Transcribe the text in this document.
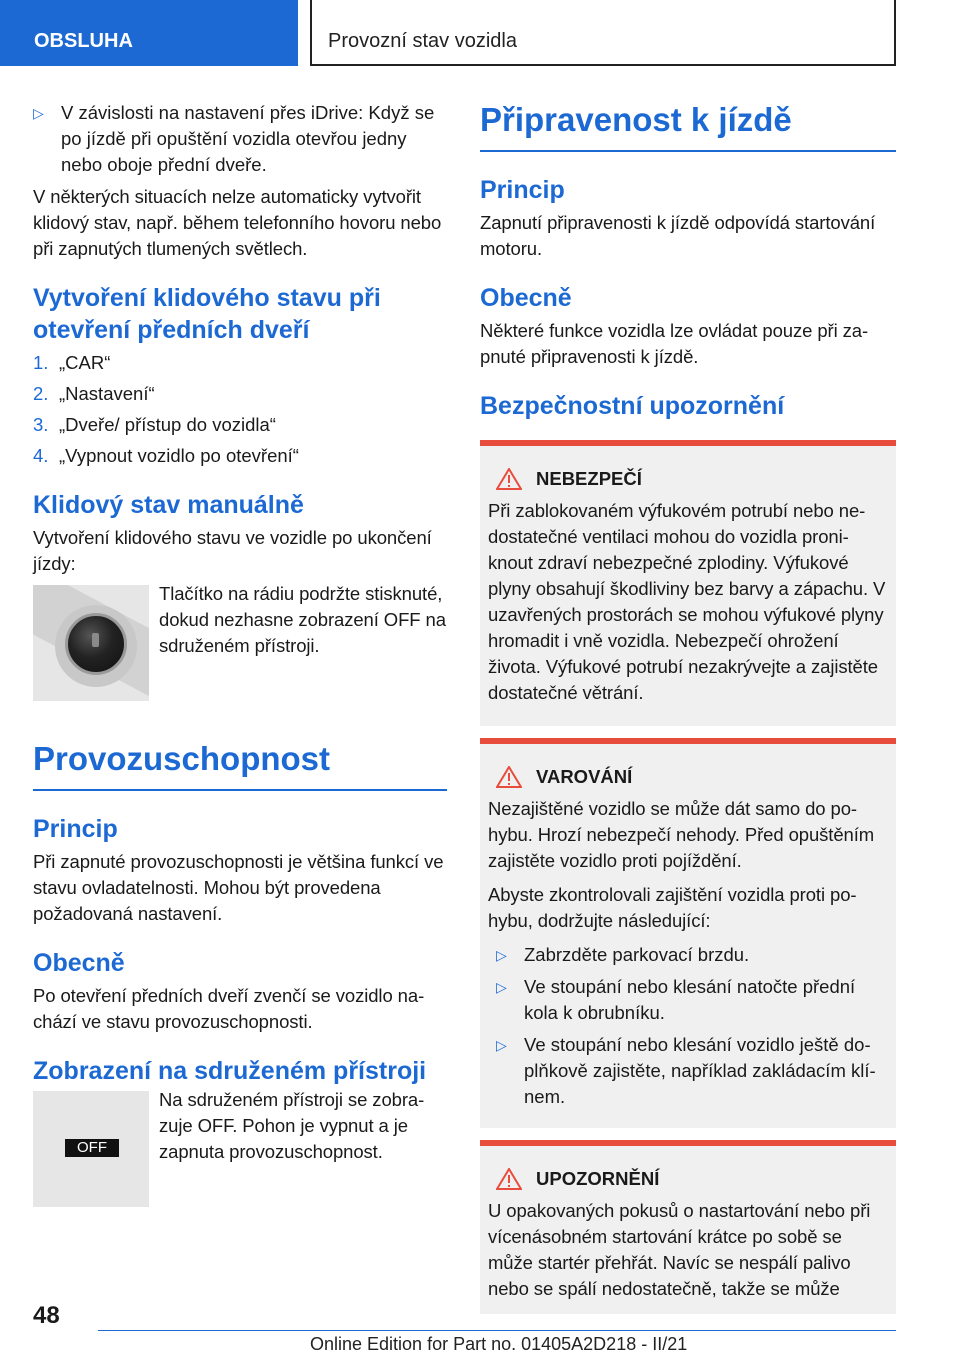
OBSLUHA	Provozní stav vozidla
▷ V závislosti na nastavení přes iDrive: Když se po jízdě při opuštění vozidla otevřou jedny nebo oboje přední dveře.

V některých situacích nelze automaticky vytvořit klidový stav, např. během telefonního hovoru nebo při zapnutých tlumených světlech.

Vytvoření klidového stavu při otevření předních dveří
1. „CAR“
2. „Nastavení“
3. „Dveře/ přístup do vozidla“
4. „Vypnout vozidlo po otevření“
Klidový stav manuálně

Vytvoření klidového stavu ve vozidle po ukončení jízdy:

Tlačítko na rádiu podržte stisknuté, dokud nezhasne zobrazení OFF na sdruženém přístroji.

Provozuschopnost
Princip

Při zapnuté provozuschopnosti je většina funkcí ve stavu ovladatelnosti. Mohou být provedena požadovaná nastavení.

Obecně

Po otevření předních dveří zvenčí se vozidlo nachází ve stavu provozuschopnosti.

Zobrazení na sdruženém přístroji
OFF

Na sdruženém přístroji se zobrazuje OFF. Pohon je vypnut a je zapnuta provozuschopnost.

Připravenost k jízdě
Princip

Zapnutí připravenosti k jízdě odpovídá startování motoru.

Obecně

Některé funkce vozidla lze ovládat pouze při zapnuté připravenosti k jízdě.

Bezpečnostní upozornění
NEBEZPEČÍ

Při zablokovaném výfukovém potrubí nebo nedostatečné ventilaci mohou do vozidla proniknout zdraví nebezpečné zplodiny. Výfukové plyny obsahují škodliviny bez barvy a zápachu. V uzavřených prostorách se mohou výfukové plyny hromadit i vně vozidla. Nebezpečí ohrožení života. Výfukové potrubí nezakrývejte a zajistěte dostatečné větrání.

VAROVÁNÍ

Nezajištěné vozidlo se může dát samo do pohybu. Hrozí nebezpečí nehody. Před opuštěním zajistěte vozidlo proti pojíždění.

Abyste zkontrolovali zajištění vozidla proti pohybu, dodržujte následující:

▷ Zabrzděte parkovací brzdu.
▷ Ve stoupání nebo klesání natočte přední kola k obrubníku.
▷ Ve stoupání nebo klesání vozidlo ještě doplňkově zajistěte, například zakládacím klínem.
UPOZORNĚNÍ

U opakovaných pokusů o nastartování nebo při vícenásobném startování krátce po sobě se může startér přehřát. Navíc se nespálí palivo nebo se spálí nedostatečně, takže se může

48
Online Edition for Part no. 01405A2D218 - II/21
